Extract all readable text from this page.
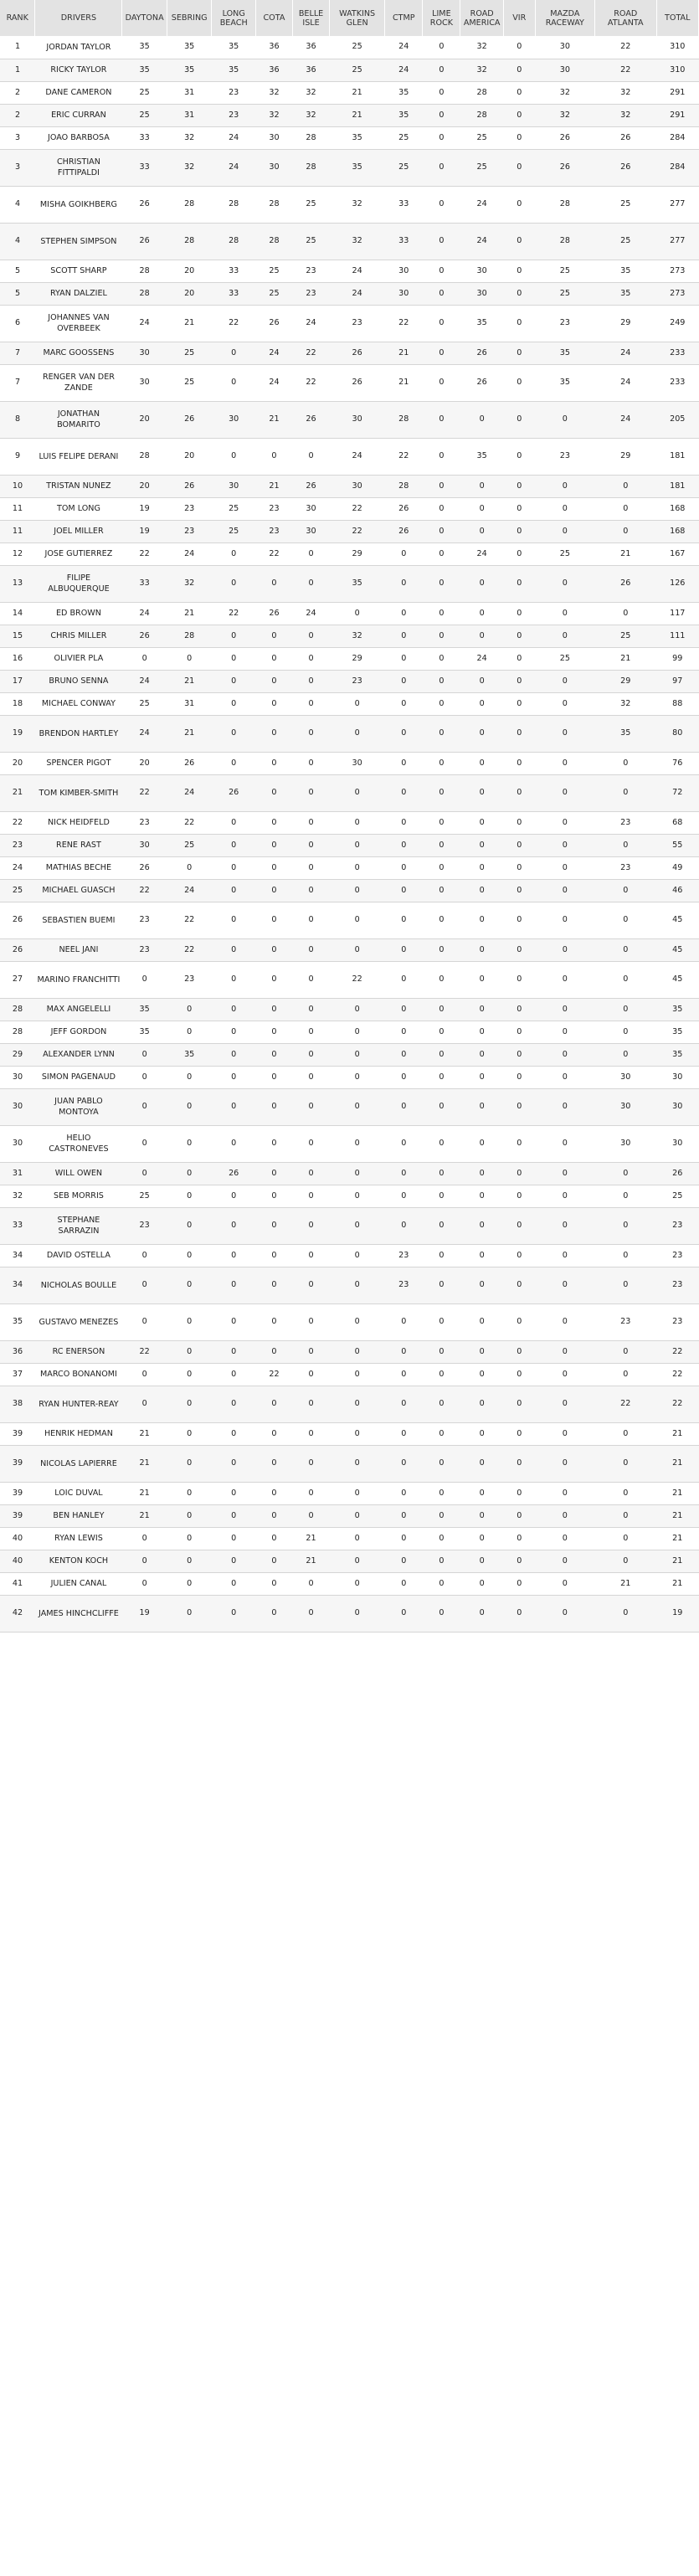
RANK	DRIVERS	DAYTONA	SEBRING	LONG BEACH	COTA	BELLE ISLE	WATKINS GLEN	CTMP	LIME ROCK	ROAD AMERICA	VIR	MAZDA RACEWAY	ROAD ATLANTA	TOTAL
1	JORDAN TAYLOR	35	35	35	36	36	25	24	0	32	0	30	22	310
1	RICKY TAYLOR	35	35	35	36	36	25	24	0	32	0	30	22	310
2	DANE CAMERON	25	31	23	32	32	21	35	0	28	0	32	32	291
2	ERIC CURRAN	25	31	23	32	32	21	35	0	28	0	32	32	291
3	JOAO BARBOSA	33	32	24	30	28	35	25	0	25	0	26	26	284
3	CHRISTIAN FITTIPALDI	33	32	24	30	28	35	25	0	25	0	26	26	284
4	MISHA GOIKHBERG	26	28	28	28	25	32	33	0	24	0	28	25	277
4	STEPHEN SIMPSON	26	28	28	28	25	32	33	0	24	0	28	25	277
5	SCOTT SHARP	28	20	33	25	23	24	30	0	30	0	25	35	273
5	RYAN DALZIEL	28	20	33	25	23	24	30	0	30	0	25	35	273
6	JOHANNES VAN OVERBEEK	24	21	22	26	24	23	22	0	35	0	23	29	249
7	MARC GOOSSENS	30	25	0	24	22	26	21	0	26	0	35	24	233
7	RENGER VAN DER ZANDE	30	25	0	24	22	26	21	0	26	0	35	24	233
8	JONATHAN BOMARITO	20	26	30	21	26	30	28	0	0	0	0	24	205
9	LUIS FELIPE DERANI	28	20	0	0	0	24	22	0	35	0	23	29	181
10	TRISTAN NUNEZ	20	26	30	21	26	30	28	0	0	0	0	0	181
11	TOM LONG	19	23	25	23	30	22	26	0	0	0	0	0	168
11	JOEL MILLER	19	23	25	23	30	22	26	0	0	0	0	0	168
12	JOSE GUTIERREZ	22	24	0	22	0	29	0	0	24	0	25	21	167
13	FILIPE ALBUQUERQUE	33	32	0	0	0	35	0	0	0	0	0	26	126
14	ED BROWN	24	21	22	26	24	0	0	0	0	0	0	0	117
15	CHRIS MILLER	26	28	0	0	0	32	0	0	0	0	0	25	111
16	OLIVIER PLA	0	0	0	0	0	29	0	0	24	0	25	21	99
17	BRUNO SENNA	24	21	0	0	0	23	0	0	0	0	0	29	97
18	MICHAEL CONWAY	25	31	0	0	0	0	0	0	0	0	0	32	88
19	BRENDON HARTLEY	24	21	0	0	0	0	0	0	0	0	0	35	80
20	SPENCER PIGOT	20	26	0	0	0	30	0	0	0	0	0	0	76
21	TOM KIMBER-SMITH	22	24	26	0	0	0	0	0	0	0	0	0	72
22	NICK HEIDFELD	23	22	0	0	0	0	0	0	0	0	0	23	68
23	RENE RAST	30	25	0	0	0	0	0	0	0	0	0	0	55
24	MATHIAS BECHE	26	0	0	0	0	0	0	0	0	0	0	23	49
25	MICHAEL GUASCH	22	24	0	0	0	0	0	0	0	0	0	0	46
26	SEBASTIEN BUEMI	23	22	0	0	0	0	0	0	0	0	0	0	45
26	NEEL JANI	23	22	0	0	0	0	0	0	0	0	0	0	45
27	MARINO FRANCHITTI	0	23	0	0	0	22	0	0	0	0	0	0	45
28	MAX ANGELELLI	35	0	0	0	0	0	0	0	0	0	0	0	35
28	JEFF GORDON	35	0	0	0	0	0	0	0	0	0	0	0	35
29	ALEXANDER LYNN	0	35	0	0	0	0	0	0	0	0	0	0	35
30	SIMON PAGENAUD	0	0	0	0	0	0	0	0	0	0	0	30	30
30	JUAN PABLO MONTOYA	0	0	0	0	0	0	0	0	0	0	0	30	30
30	HELIO CASTRONEVES	0	0	0	0	0	0	0	0	0	0	0	30	30
31	WILL OWEN	0	0	26	0	0	0	0	0	0	0	0	0	26
32	SEB MORRIS	25	0	0	0	0	0	0	0	0	0	0	0	25
33	STEPHANE SARRAZIN	23	0	0	0	0	0	0	0	0	0	0	0	23
34	DAVID OSTELLA	0	0	0	0	0	0	23	0	0	0	0	0	23
34	NICHOLAS BOULLE	0	0	0	0	0	0	23	0	0	0	0	0	23
35	GUSTAVO MENEZES	0	0	0	0	0	0	0	0	0	0	0	23	23
36	RC ENERSON	22	0	0	0	0	0	0	0	0	0	0	0	22
37	MARCO BONANOMI	0	0	0	22	0	0	0	0	0	0	0	0	22
38	RYAN HUNTER-REAY	0	0	0	0	0	0	0	0	0	0	0	22	22
39	HENRIK HEDMAN	21	0	0	0	0	0	0	0	0	0	0	0	21
39	NICOLAS LAPIERRE	21	0	0	0	0	0	0	0	0	0	0	0	21
39	LOIC DUVAL	21	0	0	0	0	0	0	0	0	0	0	0	21
39	BEN HANLEY	21	0	0	0	0	0	0	0	0	0	0	0	21
40	RYAN LEWIS	0	0	0	0	21	0	0	0	0	0	0	0	21
40	KENTON KOCH	0	0	0	0	21	0	0	0	0	0	0	0	21
41	JULIEN CANAL	0	0	0	0	0	0	0	0	0	0	0	21	21
42	JAMES HINCHCLIFFE	19	0	0	0	0	0	0	0	0	0	0	0	19
